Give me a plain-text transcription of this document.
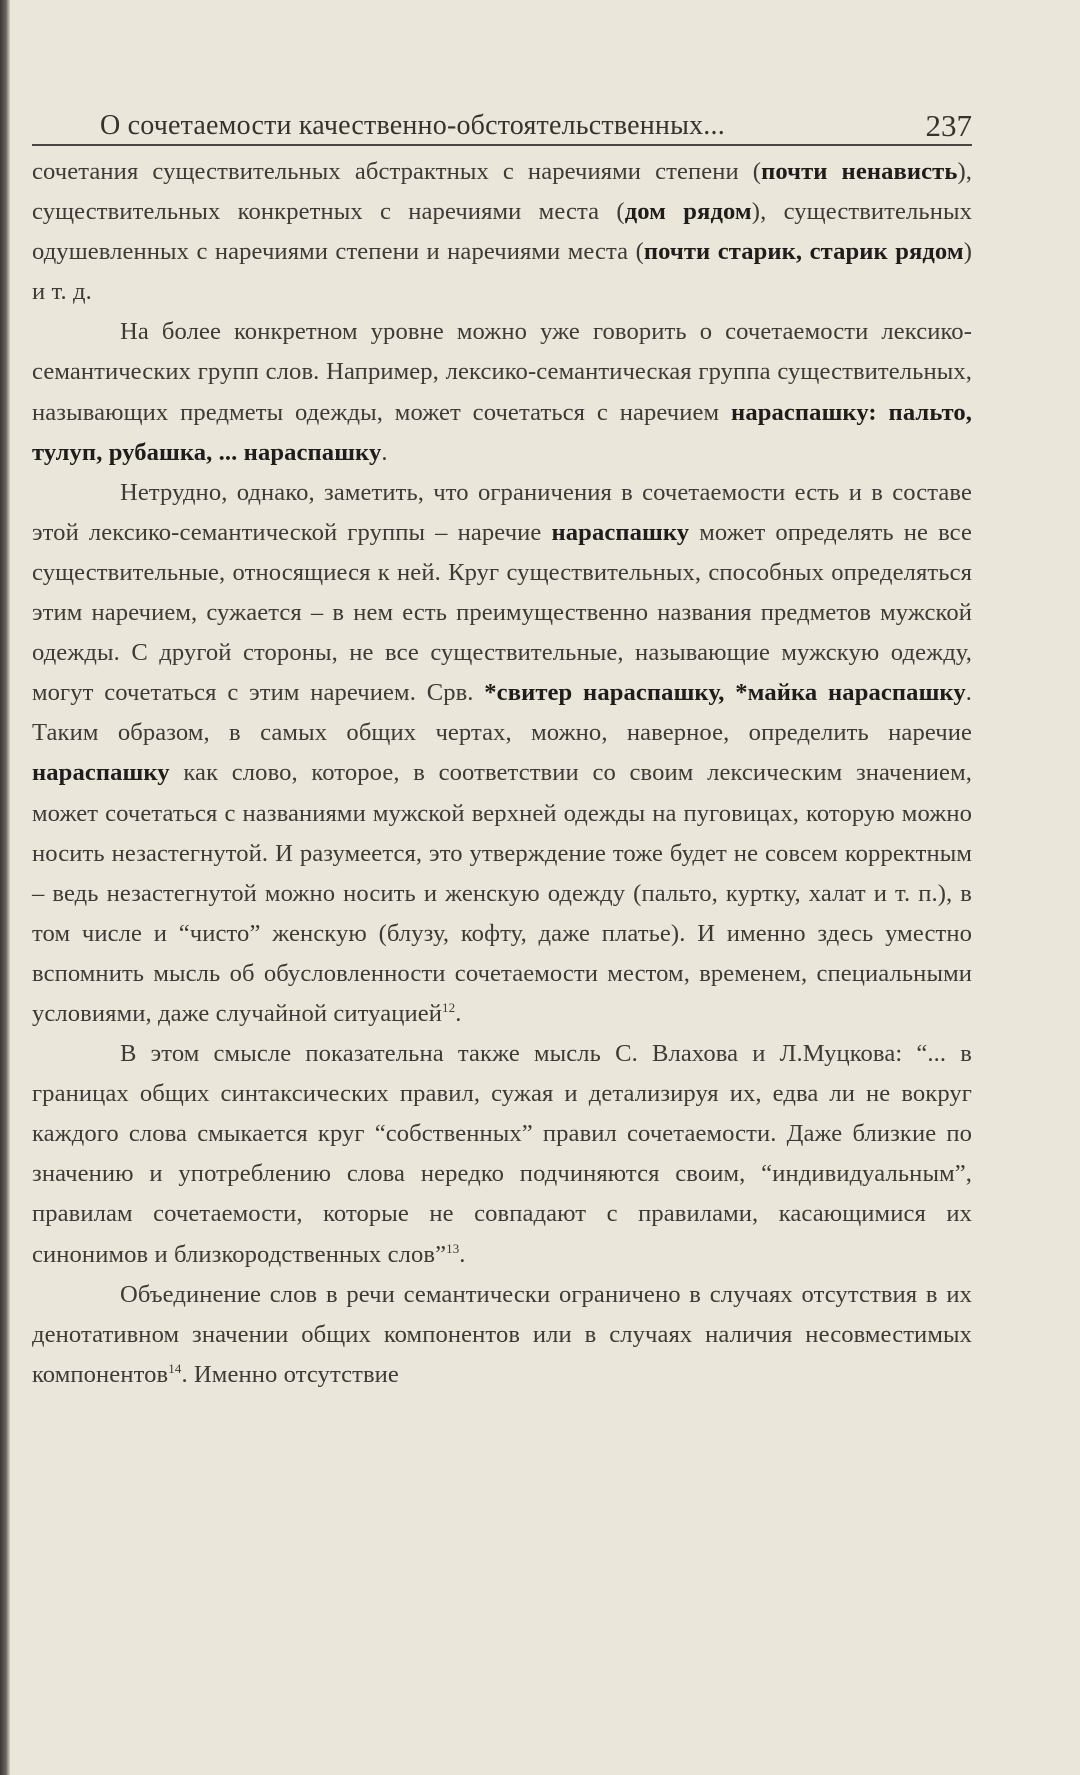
О сочетаемости качественно-обстоятельственных...	237

сочетания существительных абстрактных с наречиями степени (почти ненависть), существительных конкретных с наречиями места (дом рядом), существительных одушевленных с наречиями степени и наречиями места (почти старик, старик рядом) и т. д.

На более конкретном уровне можно уже говорить о сочетаемости лексико-семантических групп слов. Например, лексико-семантическая группа существительных, называющих предметы одежды, может сочетаться с наречием нараспашку: пальто, тулуп, рубашка, ... нараспашку.

Нетрудно, однако, заметить, что ограничения в сочетаемости есть и в составе этой лексико-семантической группы – наречие нараспашку может определять не все существительные, относящиеся к ней. Круг существительных, способных определяться этим наречием, сужается – в нем есть преимущественно названия предметов мужской одежды. С другой стороны, не все существительные, называющие мужскую одежду, могут сочетаться с этим наречием. Срв. *свитер нараспашку, *майка нараспашку. Таким образом, в самых общих чертах, можно, наверное, определить наречие нараспашку как слово, которое, в соответствии со своим лексическим значением, может сочетаться с названиями мужской верхней одежды на пуговицах, которую можно носить незастегнутой. И разумеется, это утверждение тоже будет не совсем корректным – ведь незастегнутой можно носить и женскую одежду (пальто, куртку, халат и т. п.), в том числе и “чисто” женскую (блузу, кофту, даже платье). И именно здесь уместно вспомнить мысль об обусловленности сочетаемости местом, временем, специальными условиями, даже случайной ситуацией$^{12}$.

В этом смысле показательна также мысль С. Влахова и Л.Муцкова: “... в границах общих синтаксических правил, сужая и детализируя их, едва ли не вокруг каждого слова смыкается круг “собственных” правил сочетаемости. Даже близкие по значению и употреблению слова нередко подчиняются своим, “индивидуальным”, правилам сочетаемости, которые не совпадают с правилами, касающимися их синонимов и близкородственных слов”$^{13}$.

Объединение слов в речи семантически ограничено в случаях отсутствия в их денотативном значении общих компонентов или в случаях наличия несовместимых компонентов$^{14}$. Именно отсутствие
